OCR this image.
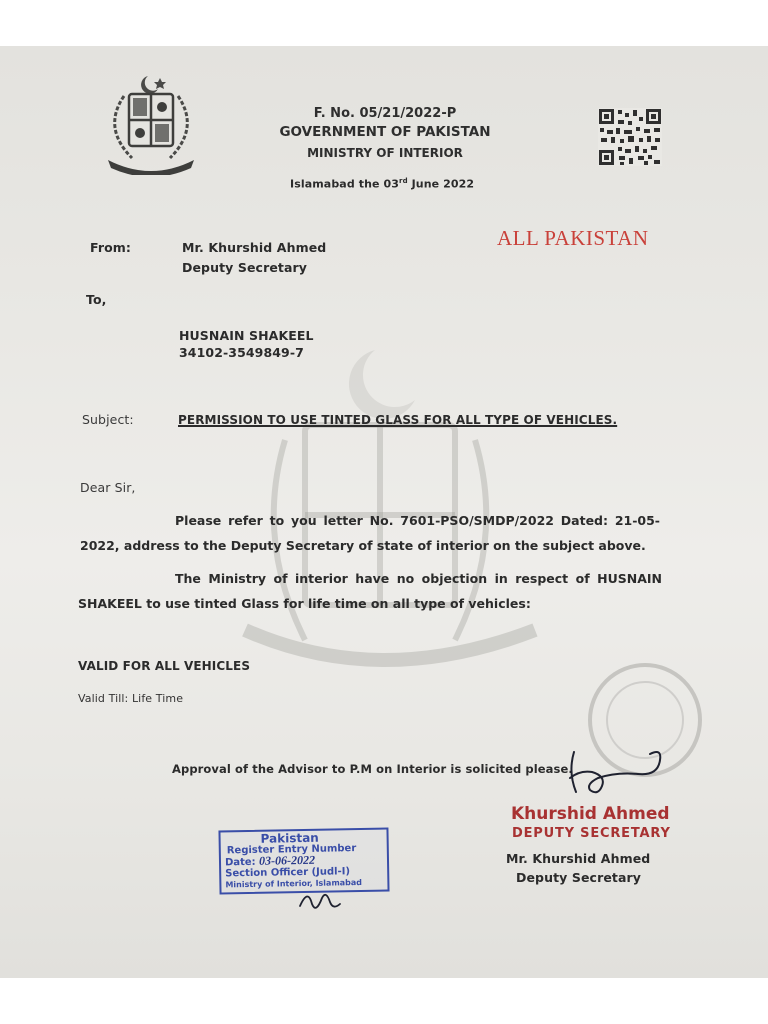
F. No. 05/21/2022-P
GOVERNMENT OF PAKISTAN
MINISTRY OF INTERIOR
Islamabad the 03rd June 2022
ALL PAKISTAN
From:	Mr. Khurshid Ahmed
Deputy Secretary
To,
HUSNAIN SHAKEEL
34102-3549849-7
Subject:	PERMISSION TO USE TINTED GLASS FOR ALL TYPE OF VEHICLES.
Dear Sir,
Please refer to you letter No. 7601-PSO/SMDP/2022 Dated: 21-05-2022, address to the Deputy Secretary of state of interior on the subject above.
The Ministry of interior have no objection in respect of HUSNAIN SHAKEEL to use tinted Glass for life time on all type of vehicles:
VALID FOR ALL VEHICLES
Valid Till: Life Time
Approval of the Advisor to P.M on Interior is solicited please.
Khurshid Ahmed
DEPUTY SECRETARY
Mr. Khurshid Ahmed
Deputy Secretary
Pakistan
Register Entry Number
Date: 03-06-2022
Section Officer (Judl-I)
Ministry of Interior, Islamabad
